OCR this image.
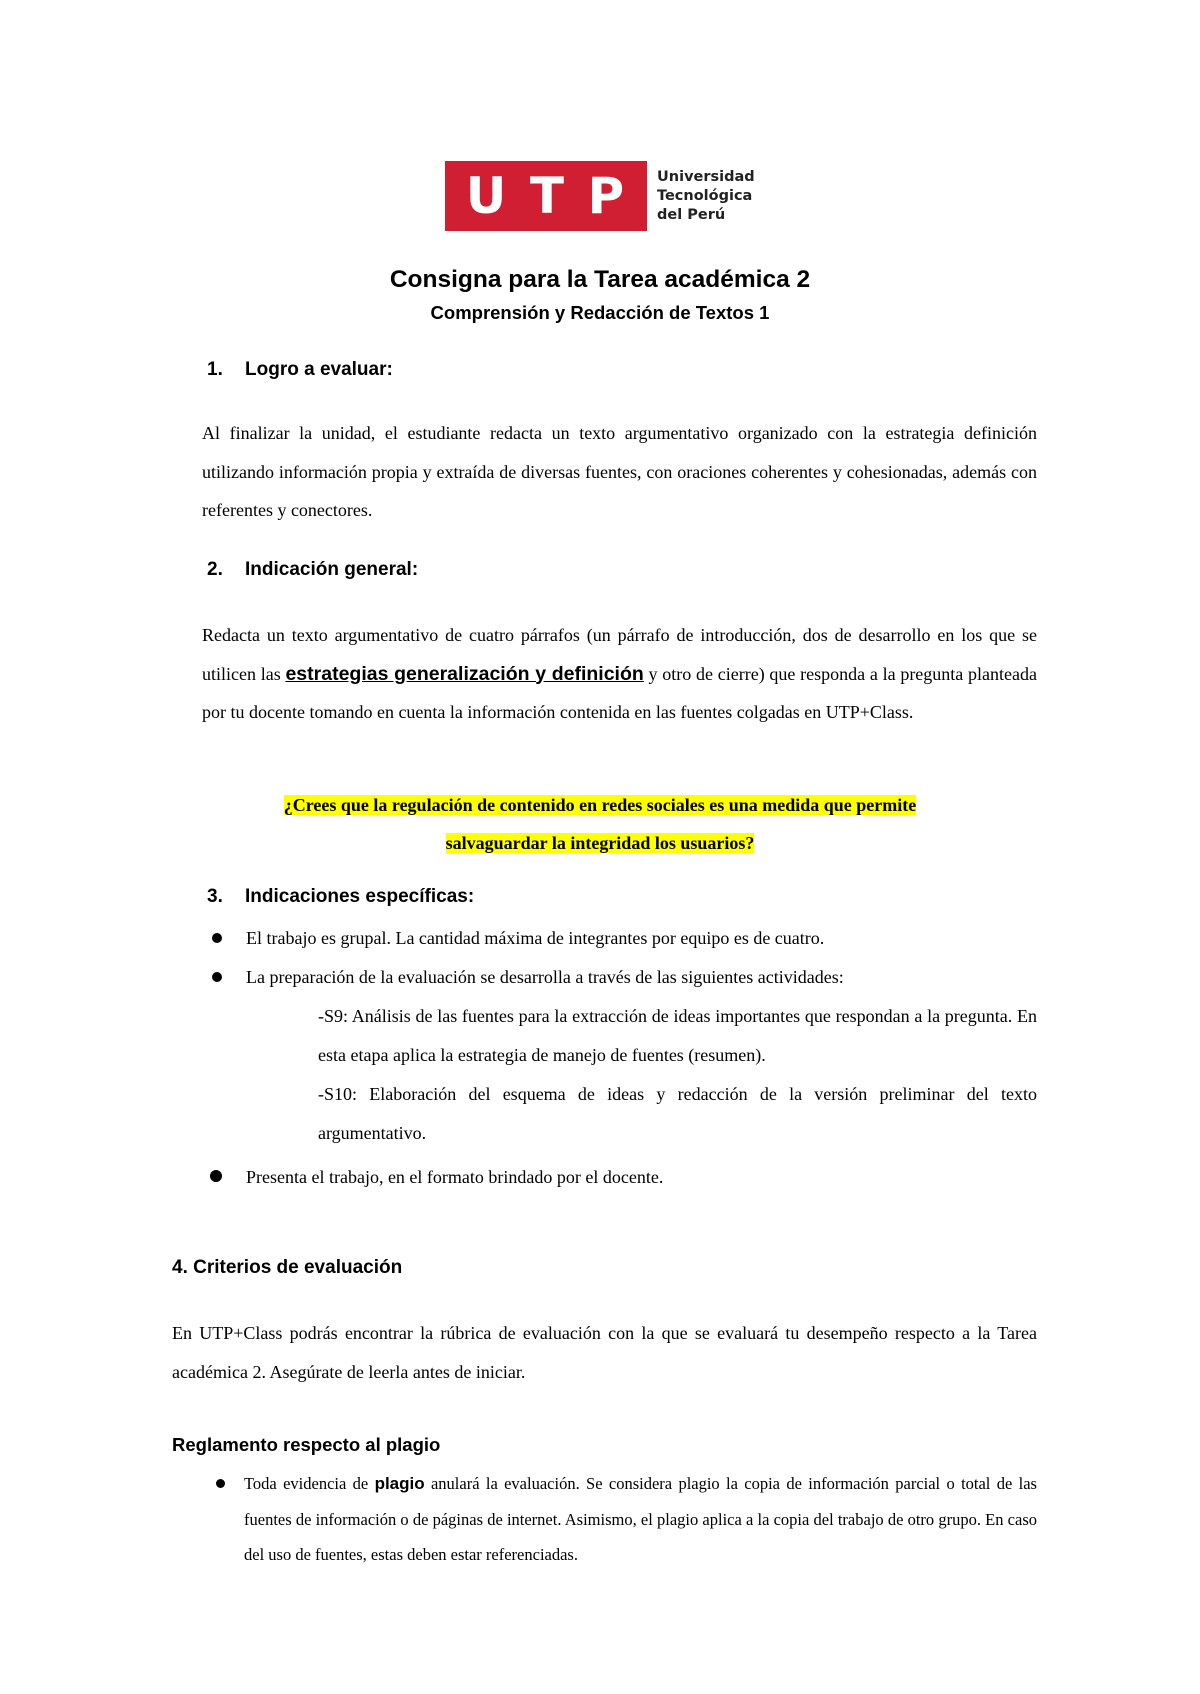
U T P Universidad
Tecnológica
del Perú
Consigna para la Tarea académica 2
Comprensión y Redacción de Textos 1
1. Logro a evaluar:
Al finalizar la unidad, el estudiante redacta un texto argumentativo organizado con la estrategia definición utilizando información propia y extraída de diversas fuentes, con oraciones coherentes y cohesionadas, además con referentes y conectores.
2. Indicación general:
Redacta un texto argumentativo de cuatro párrafos (un párrafo de introducción, dos de desarrollo en los que se utilicen las estrategias generalización y definición y otro de cierre) que responda a la pregunta planteada por tu docente tomando en cuenta la información contenida en las fuentes colgadas en UTP+Class.
¿Crees que la regulación de contenido en redes sociales es una medida que permite
salvaguardar la integridad los usuarios?
3. Indicaciones específicas:
El trabajo es grupal. La cantidad máxima de integrantes por equipo es de cuatro.
La preparación de la evaluación se desarrolla a través de las siguientes actividades:
-S9: Análisis de las fuentes para la extracción de ideas importantes que respondan a la pregunta. En esta etapa aplica la estrategia de manejo de fuentes (resumen).
-S10: Elaboración del esquema de ideas y redacción de la versión preliminar del texto argumentativo.
Presenta el trabajo, en el formato brindado por el docente.
4. Criterios de evaluación
En UTP+Class podrás encontrar la rúbrica de evaluación con la que se evaluará tu desempeño respecto a la Tarea académica 2. Asegúrate de leerla antes de iniciar.
Reglamento respecto al plagio
Toda evidencia de plagio anulará la evaluación. Se considera plagio la copia de información parcial o total de las fuentes de información o de páginas de internet. Asimismo, el plagio aplica a la copia del trabajo de otro grupo. En caso del uso de fuentes, estas deben estar referenciadas.
